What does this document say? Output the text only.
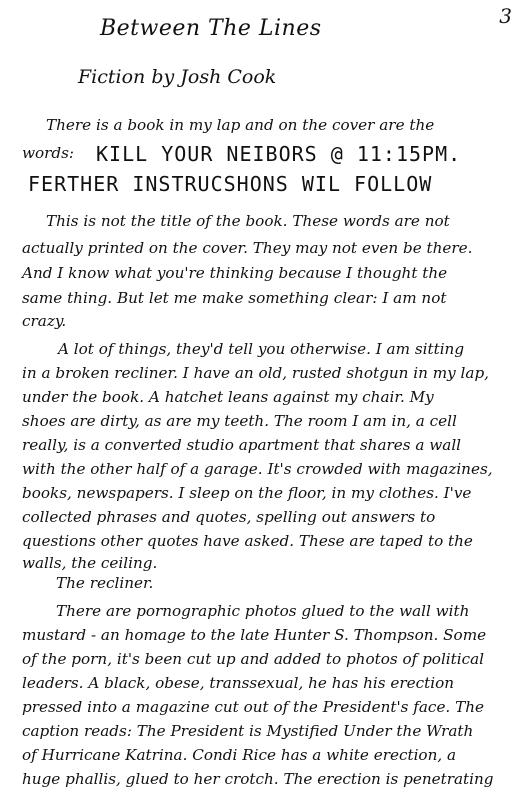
3
Between The Lines
Fiction by Josh Cook
There is a book in my lap and on the cover are the
words: KILL YOUR NEIBORS @ 11:15PM.
FERTHER INSTRUCSHONS WIL FOLLOW
This is not the title of the book. These words are not
actually printed on the cover. They may not even be there.
And I know what you're thinking because I thought the
same thing. But let me make something clear: I am not
crazy.
A lot of things, they'd tell you otherwise. I am sitting
in a broken recliner. I have an old, rusted shotgun in my lap,
under the book. A hatchet leans against my chair. My
shoes are dirty, as are my teeth. The room I am in, a cell
really, is a converted studio apartment that shares a wall
with the other half of a garage. It's crowded with magazines,
books, newspapers. I sleep on the floor, in my clothes. I've
collected phrases and quotes, spelling out answers to
questions other quotes have asked. These are taped to the
walls, the ceiling.
The recliner.
There are pornographic photos glued to the wall with
mustard - an homage to the late Hunter S. Thompson. Some
of the porn, it's been cut up and added to photos of political
leaders. A black, obese, transsexual, he has his erection
pressed into a magazine cut out of the President's face. The
caption reads: The President is Mystified Under the Wrath
of Hurricane Katrina. Condi Rice has a white erection, a
huge phallis, glued to her crotch. The erection is penetrating
